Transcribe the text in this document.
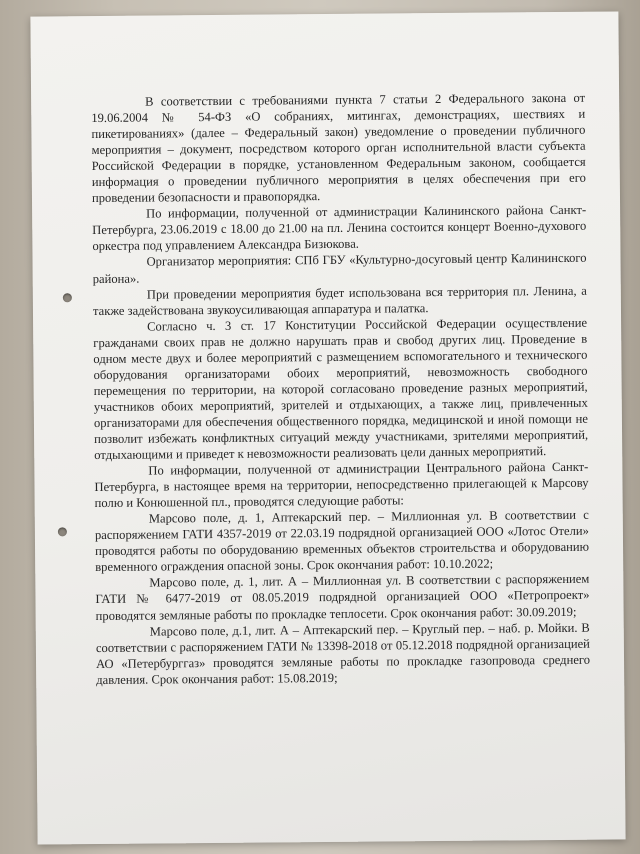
В соответствии с требованиями пункта 7 статьи 2 Федерального закона от 19.06.2004 № 54-ФЗ «О собраниях, митингах, демонстрациях, шествиях и пикетированиях» (далее – Федеральный закон) уведомление о проведении публичного мероприятия – документ, посредством которого орган исполнительной власти субъекта Российской Федерации в порядке, установленном Федеральным законом, сообщается информация о проведении публичного мероприятия в целях обеспечения при его проведении безопасности и правопорядка.

По информации, полученной от администрации Калининского района Санкт-Петербурга, 23.06.2019 с 18.00 до 21.00 на пл. Ленина состоится концерт Военно-духового оркестра под управлением Александра Бизюкова.

Организатор мероприятия: СПб ГБУ «Культурно-досуговый центр Калининского района».

При проведении мероприятия будет использована вся территория пл. Ленина, а также задействована звукоусиливающая аппаратура и палатка.

Согласно ч. 3 ст. 17 Конституции Российской Федерации осуществление гражданами своих прав не должно нарушать прав и свобод других лиц. Проведение в одном месте двух и более мероприятий с размещением вспомогательного и технического оборудования организаторами обоих мероприятий, невозможность свободного перемещения по территории, на которой согласовано проведение разных мероприятий, участников обоих мероприятий, зрителей и отдыхающих, а также лиц, привлеченных организаторами для обеспечения общественного порядка, медицинской и иной помощи не позволит избежать конфликтных ситуаций между участниками, зрителями мероприятий, отдыхающими и приведет к невозможности реализовать цели данных мероприятий.

По информации, полученной от администрации Центрального района Санкт-Петербурга, в настоящее время на территории, непосредственно прилегающей к Марсову полю и Конюшенной пл., проводятся следующие работы:

Марсово поле, д. 1, Аптекарский пер. – Миллионная ул. В соответствии с распоряжением ГАТИ 4357-2019 от 22.03.19 подрядной организацией ООО «Лотос Отели» проводятся работы по оборудованию временных объектов строительства и оборудованию временного ограждения опасной зоны. Срок окончания работ: 10.10.2022;

Марсово поле, д. 1, лит. А – Миллионная ул. В соответствии с распоряжением ГАТИ № 6477-2019 от 08.05.2019 подрядной организацией ООО «Петропроект» проводятся земляные работы по прокладке теплосети. Срок окончания работ: 30.09.2019;

Марсово поле, д.1, лит. А – Аптекарский пер. – Круглый пер. – наб. р. Мойки. В соответствии с распоряжением ГАТИ № 13398-2018 от 05.12.2018 подрядной организацией АО «Петербурггаз» проводятся земляные работы по прокладке газопровода среднего давления. Срок окончания работ: 15.08.2019;
